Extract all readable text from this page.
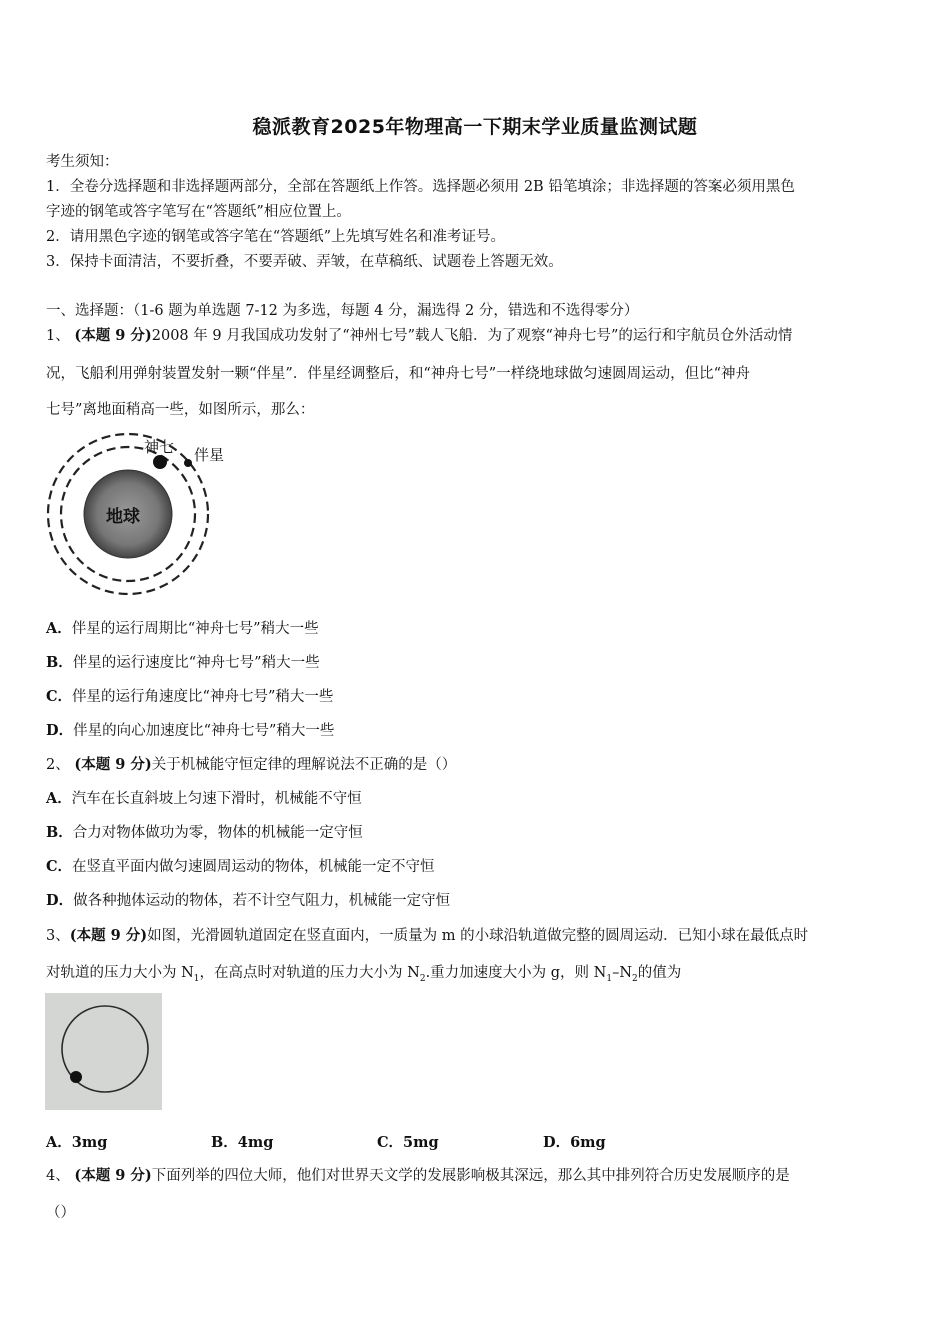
稳派教育2025年物理高一下期末学业质量监测试题
考生须知：
1．全卷分选择题和非选择题两部分，全部在答题纸上作答。选择题必须用 2B 铅笔填涂；非选择题的答案必须用黑色
字迹的钢笔或答字笔写在“答题纸”相应位置上。
2．请用黑色字迹的钢笔或答字笔在“答题纸”上先填写姓名和准考证号。
3．保持卡面清洁，不要折叠，不要弄破、弄皱，在草稿纸、试题卷上答题无效。
一、选择题：（1-6 题为单选题 7-12 为多选，每题 4 分，漏选得 2 分，错选和不选得零分）
1、 (本题 9 分)2008 年 9 月我国成功发射了“神州七号”载人飞船．为了观察“神舟七号”的运行和宇航员仓外活动情
况，飞船利用弹射装置发射一颗“伴星”．伴星经调整后，和“神舟七号”一样绕地球做匀速圆周运动，但比“神舟
七号”离地面稍高一些，如图所示，那么：
地球
神七 伴星
A．伴星的运行周期比“神舟七号”稍大一些
B．伴星的运行速度比“神舟七号”稍大一些
C．伴星的运行角速度比“神舟七号”稍大一些
D．伴星的向心加速度比“神舟七号”稍大一些
2、 (本题 9 分)关于机械能守恒定律的理解说法不正确的是（）
A．汽车在长直斜坡上匀速下滑时，机械能不守恒
B．合力对物体做功为零，物体的机械能一定守恒
C．在竖直平面内做匀速圆周运动的物体，机械能一定不守恒
D．做各种抛体运动的物体，若不计空气阻力，机械能一定守恒
3、(本题 9 分)如图，光滑圆轨道固定在竖直面内，一质量为 m 的小球沿轨道做完整的圆周运动．已知小球在最低点时
对轨道的压力大小为 $N_1$，在高点时对轨道的压力大小为 $N_2$.重力加速度大小为 g，则 $N_1-N_2$的值为
A．3mg	B．4mg	C．5mg	D．6mg
4、 (本题 9 分)下面列举的四位大师，他们对世界天文学的发展影响极其深远，那么其中排列符合历史发展顺序的是
（）
